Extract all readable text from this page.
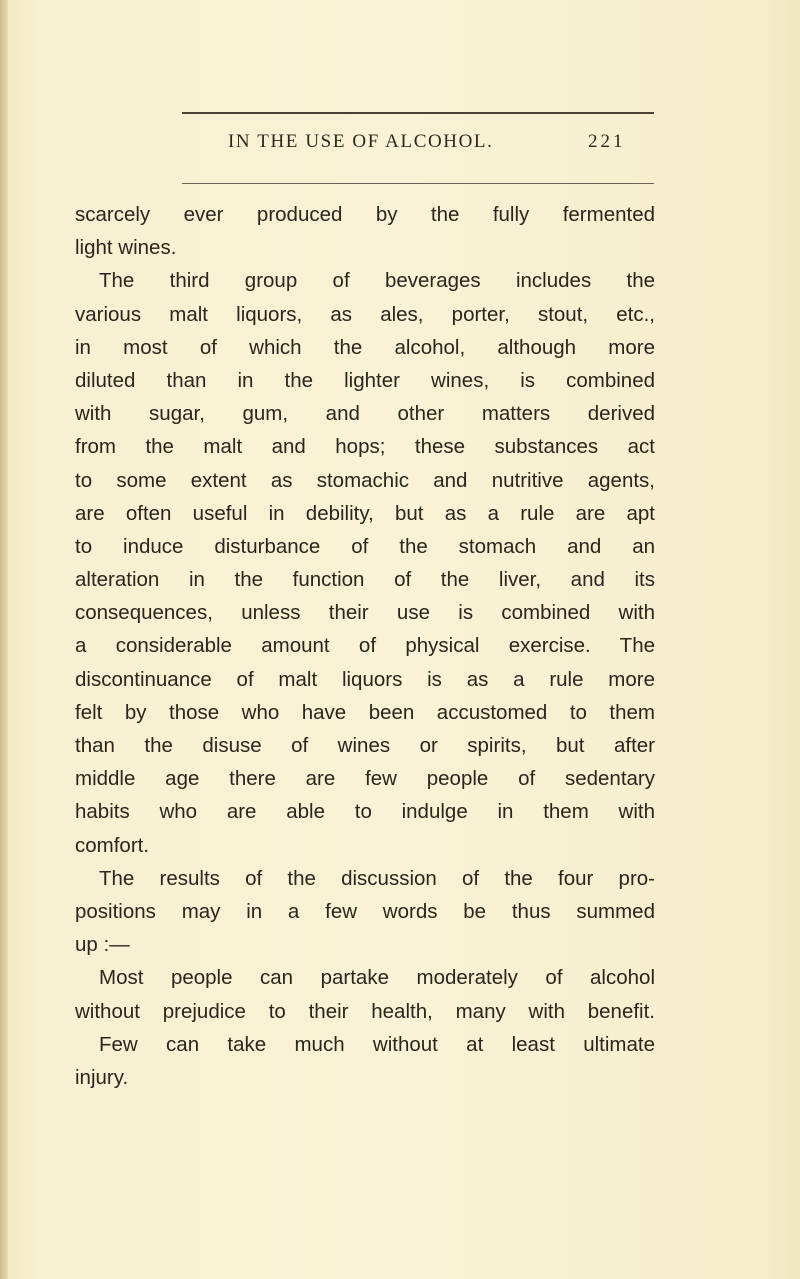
IN THE USE OF ALCOHOL.	221
scarcely ever produced by the fully fermented
light wines.
The third group of beverages includes the
various malt liquors, as ales, porter, stout, etc.,
in most of which the alcohol, although more
diluted than in the lighter wines, is combined
with sugar, gum, and other matters derived
from the malt and hops; these substances act
to some extent as stomachic and nutritive agents,
are often useful in debility, but as a rule are apt
to induce disturbance of the stomach and an
alteration in the function of the liver, and its
consequences, unless their use is combined with
a considerable amount of physical exercise. The
discontinuance of malt liquors is as a rule more
felt by those who have been accustomed to them
than the disuse of wines or spirits, but after
middle age there are few people of sedentary
habits who are able to indulge in them with
comfort.
The results of the discussion of the four pro-
positions may in a few words be thus summed
up :—
Most people can partake moderately of alcohol
without prejudice to their health, many with benefit.
Few can take much without at least ultimate
injury.
